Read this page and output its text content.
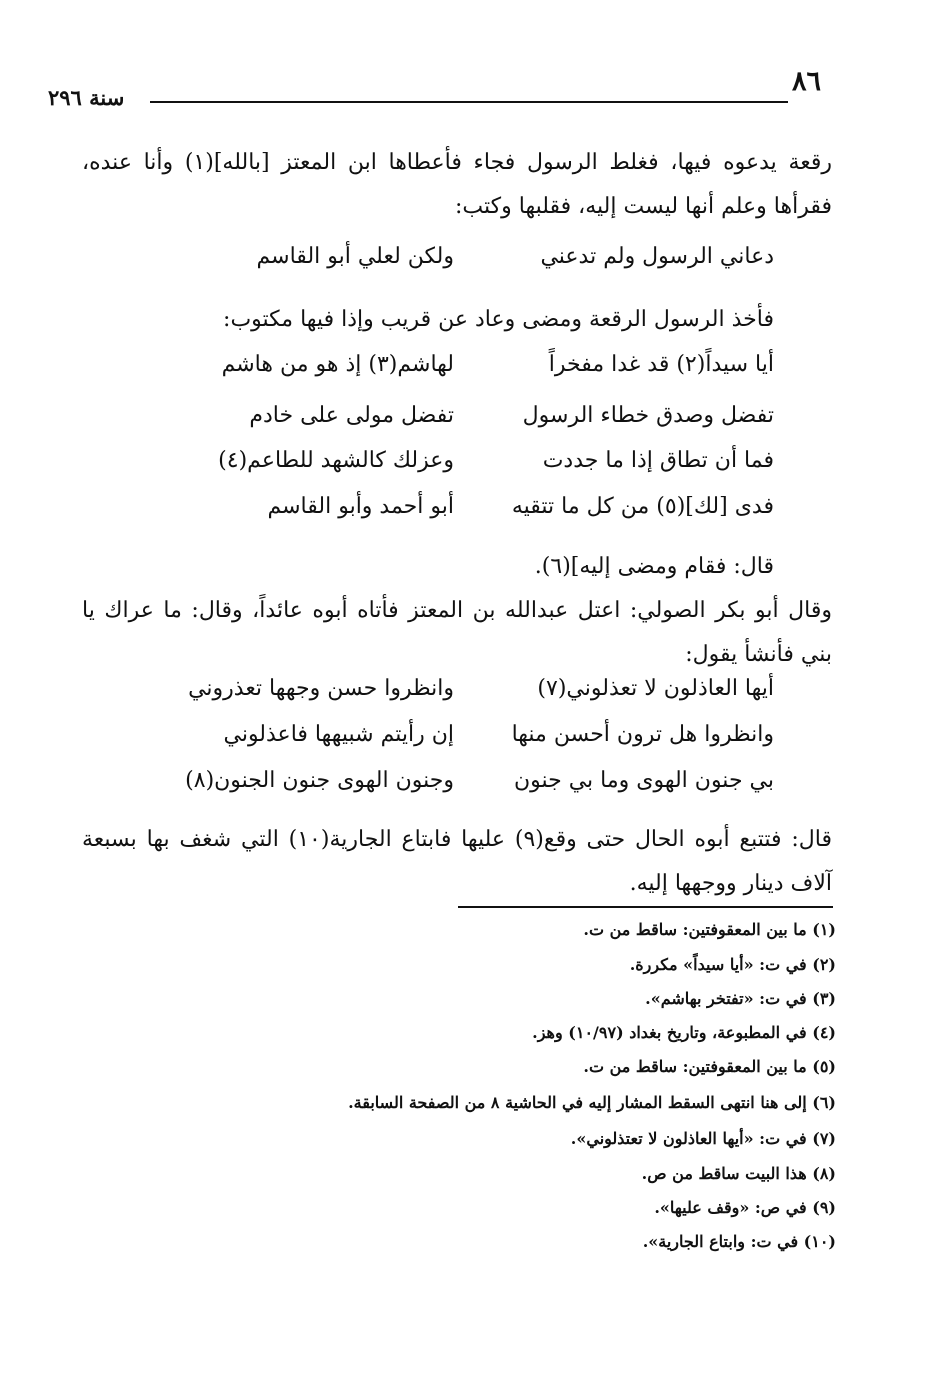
٨٦
سنة ٢٩٦
رقعة يدعوه فيها، فغلط الرسول فجاء فأعطاها ابن المعتز [بالله](١) وأنا عنده، فقرأها وعلم أنها ليست إليه، فقلبها وكتب:
دعاني الرسول ولم تدعني
ولكن لعلي أبو القاسم
فأخذ الرسول الرقعة ومضى وعاد عن قريب وإذا فيها مكتوب:
أيا سيداً(٢) قد غدا مفخراً
لهاشم(٣) إذ هو من هاشم
تفضل وصدق خطاء الرسول
تفضل مولى على خادم
فما أن تطاق إذا ما جددت
وعزلك كالشهد للطاعم(٤)
فدى [لك](٥) من كل ما تتقيه
أبو أحمد وأبو القاسم
قال: فقام ومضى إليه](٦).
وقال أبو بكر الصولي: اعتل عبدالله بن المعتز فأتاه أبوه عائداً، وقال: ما عراك يا بني فأنشأ يقول:
أيها العاذلون لا تعذلوني(٧)
وانظروا حسن وجهها تعذروني
وانظروا هل ترون أحسن منها
إن رأيتم شبيهها فاعذلوني
بي جنون الهوى وما بي جنون
وجنون الهوى جنون الجنون(٨)
قال: فتتبع أبوه الحال حتى وقع(٩) عليها فابتاع الجارية(١٠) التي شغف بها بسبعة آلاف دينار ووجهها إليه.
(١) ما بين المعقوفتين: ساقط من ت.
(٢) في ت: «أيا سيداً» مكررة.
(٣) في ت: «تفتخر بهاشم».
(٤) في المطبوعة، وتاريخ بغداد (١٠/٩٧) وهز.
(٥) ما بين المعقوفتين: ساقط من ت.
(٦) إلى هنا انتهى السقط المشار إليه في الحاشية ٨ من الصفحة السابقة.
(٧) في ت: «أيها العاذلون لا تعتذلوني».
(٨) هذا البيت ساقط من ص.
(٩) في ص: «وقف عليها».
(١٠) في ت: وابتاع الجارية».
